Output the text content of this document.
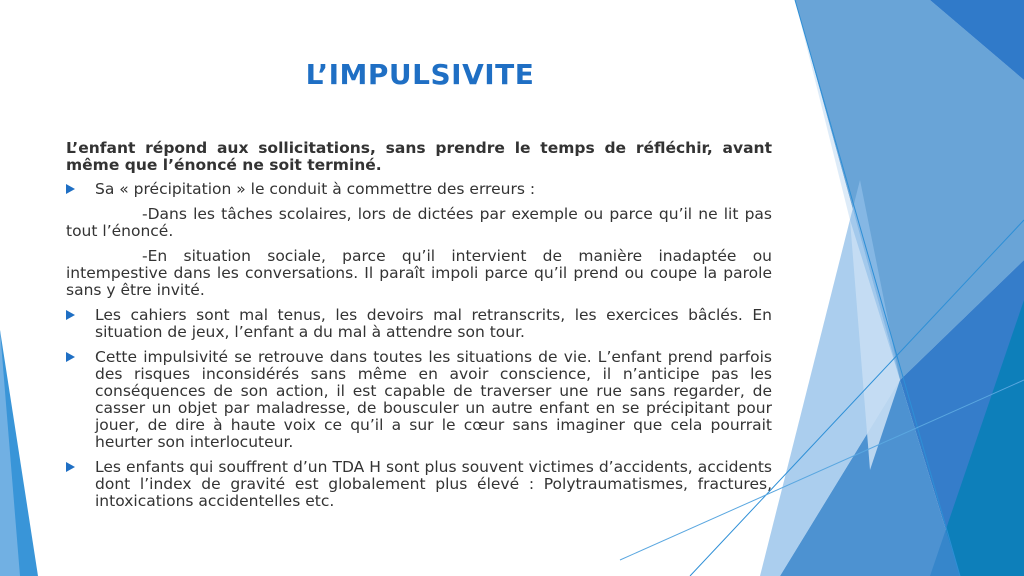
L’IMPULSIVITE

L’enfant répond aux sollicitations, sans prendre le temps de réfléchir, avant même que l’énoncé ne soit terminé.

Sa « précipitation » le conduit à commettre des erreurs :

-Dans les tâches scolaires, lors de dictées par exemple ou parce qu’il ne lit pas tout l’énoncé.

-En situation sociale, parce qu’il intervient de manière inadaptée ou intempestive dans les conversations. Il paraît impoli parce qu’il prend ou coupe la parole sans y être invité.

Les cahiers sont mal tenus, les devoirs mal retranscrits, les exercices bâclés. En situation de jeux, l’enfant a du mal à attendre son tour.
Cette impulsivité se retrouve dans toutes les situations de vie. L’enfant prend parfois des risques inconsidérés sans même en avoir conscience, il n’anticipe pas les conséquences de son action, il est capable de traverser une rue sans regarder, de casser un objet par maladresse, de bousculer un autre enfant en se précipitant pour jouer, de dire à haute voix ce qu’il a sur le cœur sans imaginer que cela pourrait heurter son interlocuteur.
Les enfants qui souffrent d’un TDA H sont plus souvent victimes d’accidents, accidents dont l’index de gravité est globalement plus élevé : Polytraumatismes, fractures, intoxications accidentelles etc.
